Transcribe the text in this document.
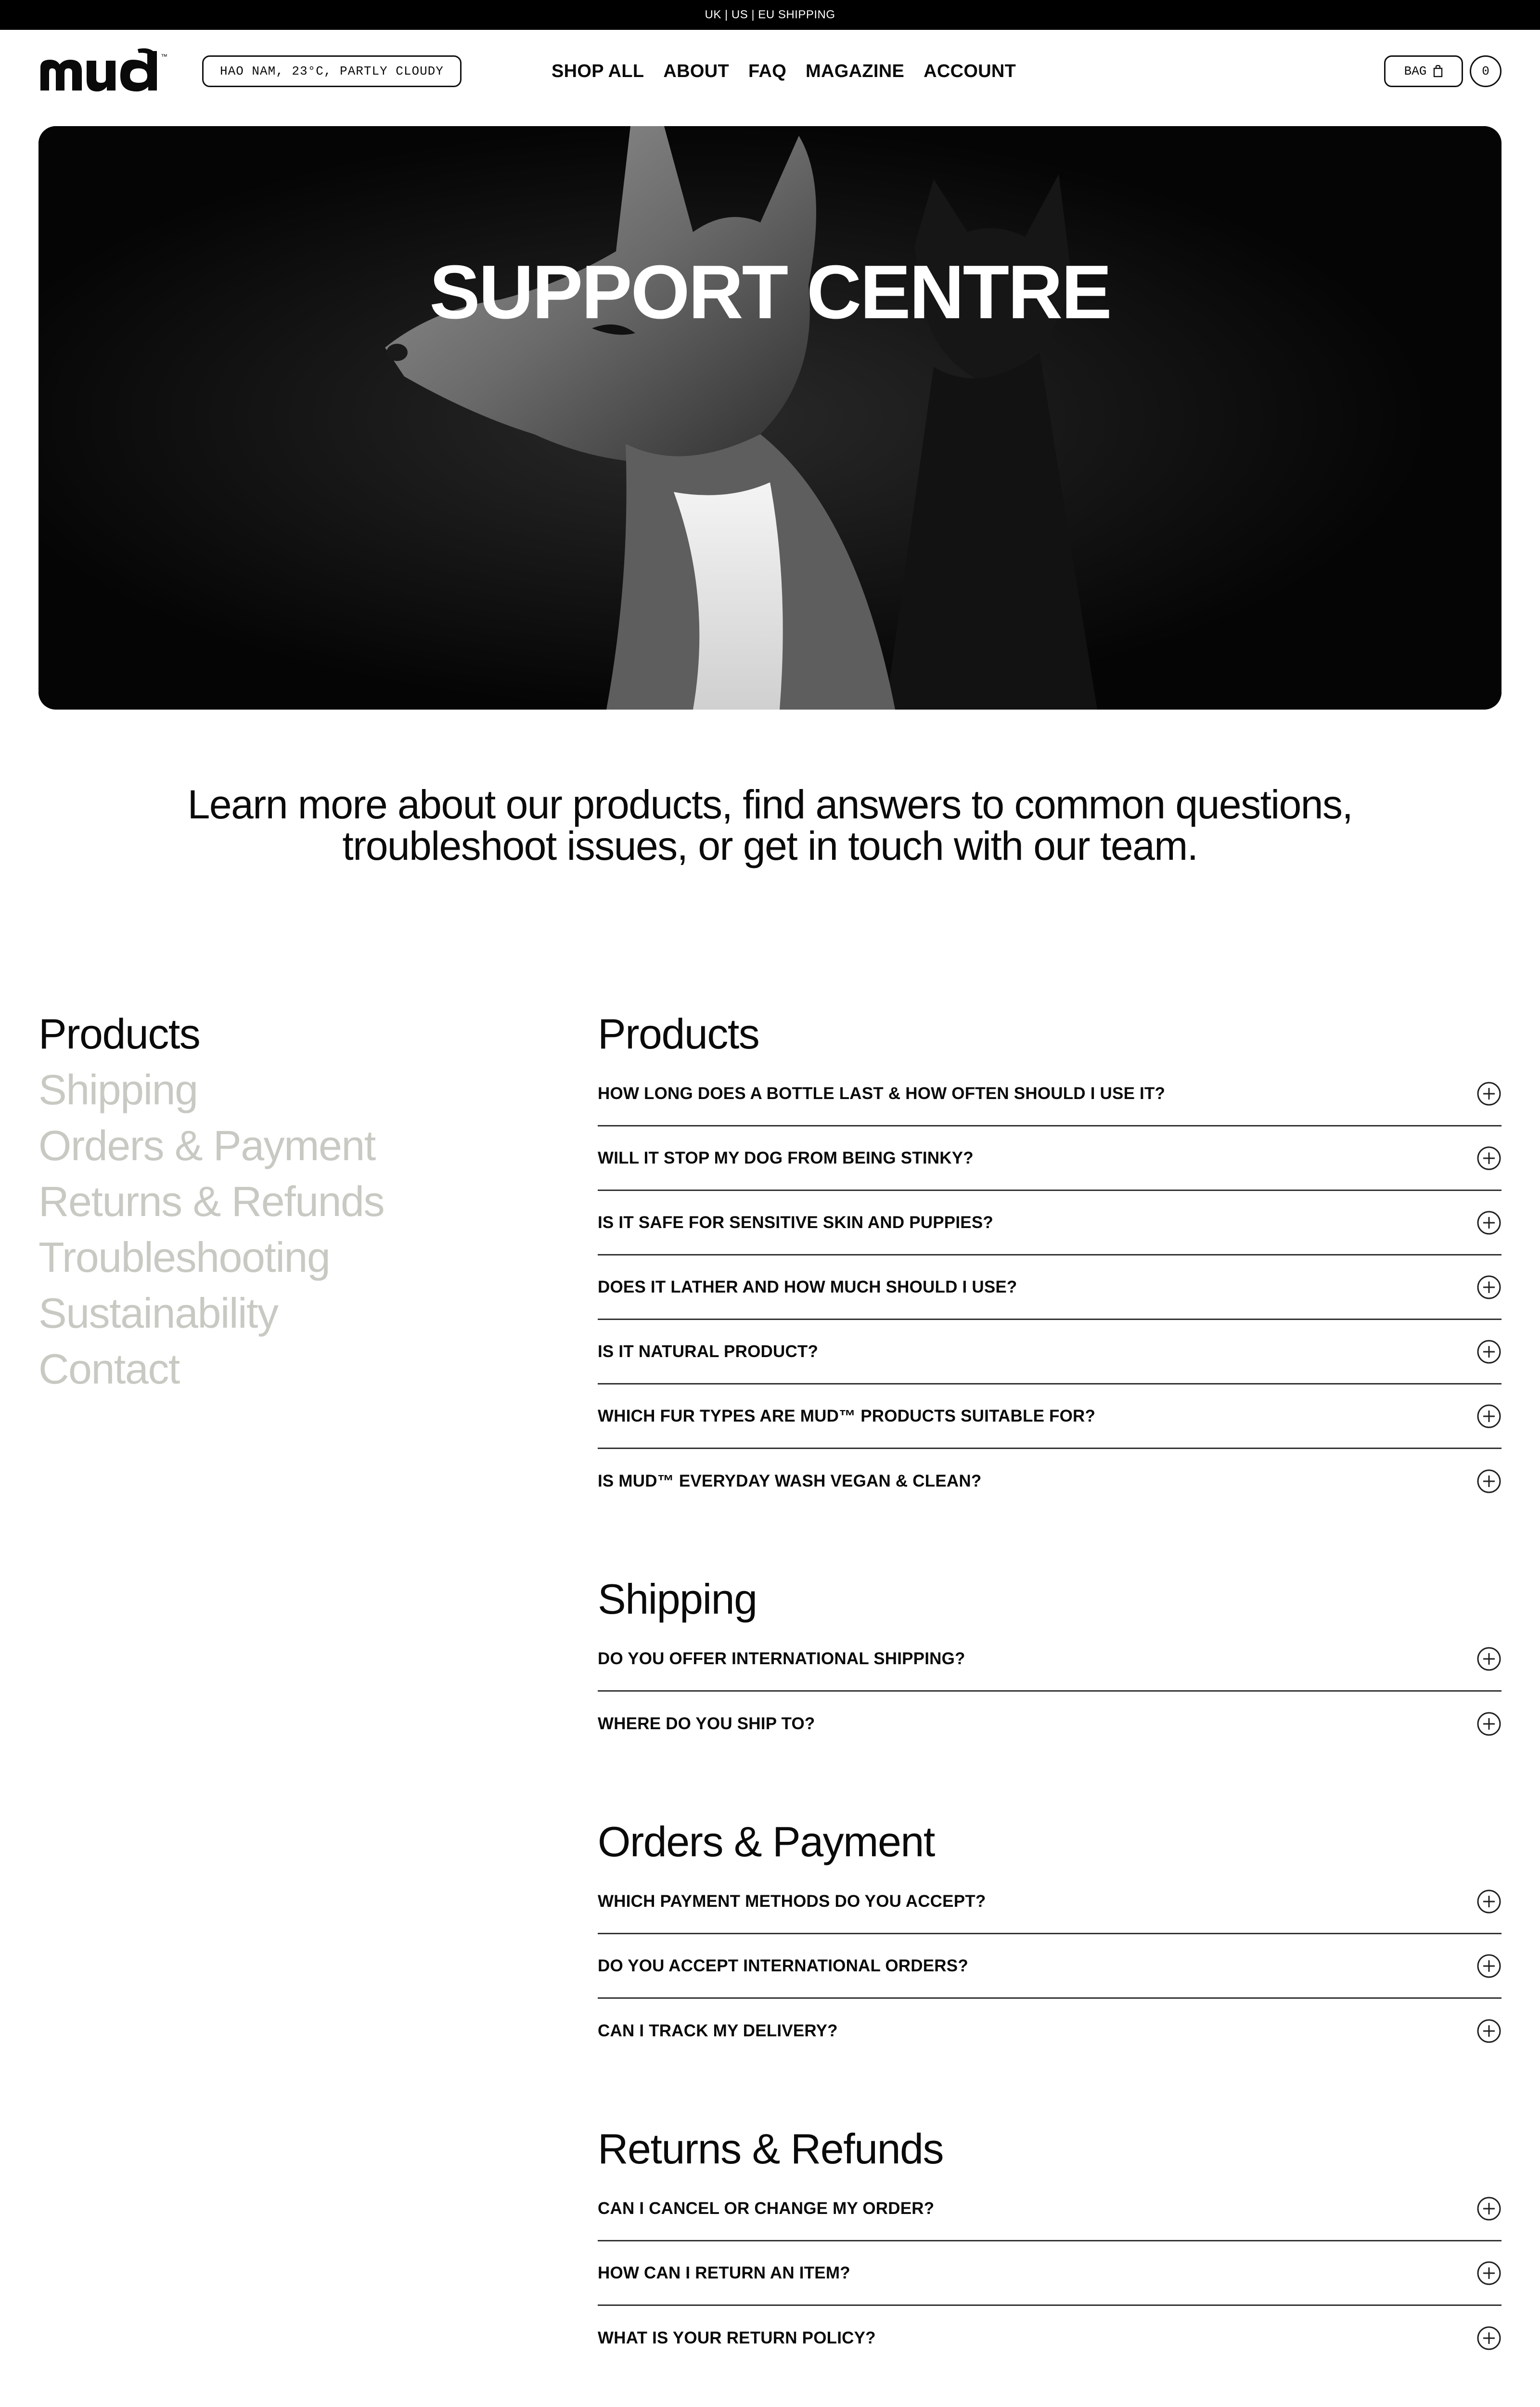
UK | US | EU SHIPPING
™
HAO NAM, 23°C, PARTLY CLOUDY	SHOP ALL ABOUT FAQ MAGAZINE ACCOUNT	BAG	0
SUPPORT CENTRE

Learn more about our products, find answers to common questions, troubleshoot issues, or get in touch with our team.

Products
Shipping
Orders & Payment
Returns & Refunds
Troubleshooting
Sustainability
Contact
Products
HOW LONG DOES A BOTTLE LAST & HOW OFTEN SHOULD I USE IT?
WILL IT STOP MY DOG FROM BEING STINKY?
IS IT SAFE FOR SENSITIVE SKIN AND PUPPIES?
DOES IT LATHER AND HOW MUCH SHOULD I USE?
IS IT NATURAL PRODUCT?
WHICH FUR TYPES ARE MUD™ PRODUCTS SUITABLE FOR?
IS MUD™ EVERYDAY WASH VEGAN & CLEAN?
Shipping
DO YOU OFFER INTERNATIONAL SHIPPING?
WHERE DO YOU SHIP TO?
Orders & Payment
WHICH PAYMENT METHODS DO YOU ACCEPT?
DO YOU ACCEPT INTERNATIONAL ORDERS?
CAN I TRACK MY DELIVERY?
Returns & Refunds
CAN I CANCEL OR CHANGE MY ORDER?
HOW CAN I RETURN AN ITEM?
WHAT IS YOUR RETURN POLICY?
